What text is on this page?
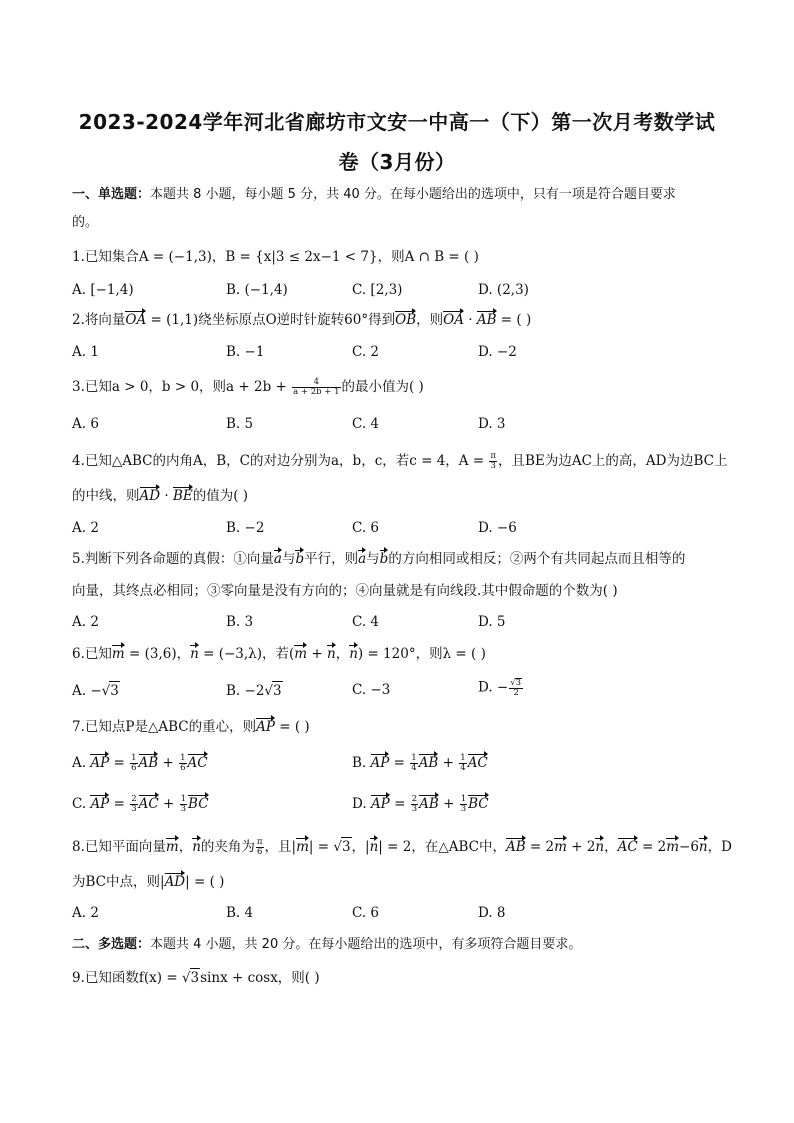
2023-2024学年河北省廊坊市文安一中高一（下）第一次月考数学试
卷（3月份）
一、单选题：本题共 8 小题，每小题 5 分，共 40 分。在每小题给出的选项中，只有一项是符合题目要求
的。
1.已知集合A = (−1,3)，B = {x|3 ≤ 2x−1 < 7}，则A ∩ B = ( )
A. [−1,4)	B. (−1,4)	C. [2,3)	D. (2,3)
2.将向量OA = (1,1)绕坐标原点O逆时针旋转60°得到OB，则OA · AB = ( )
A. 1	B. −1	C. 2	D. −2
3.已知a > 0，b > 0，则$a + 2b + \frac{4}{a + 2b + 1}$ 的最小值为( )
A. 6	B. 5	C. 4	D. 3
4.已知△ABC的内角A，B，C的对边分别为a，b，c，若c = 4，$A = \frac{\pi}{3}$ ，且BE为边AC上的高，AD为边BC上
的中线，则AD · BE的值为( )
A. 2	B. −2	C. 6	D. −6
5.判断下列各命题的真假：①向量a与b平行，则a与b的方向相同或相反；②两个有共同起点而且相等的
向量，其终点必相同；③零向量是没有方向的；④向量就是有向线段.其中假命题的个数为( )
A. 2	B. 3	C. 4	D. 5
6.已知m = (3,6)，n = (−3,λ)，若(m + n，n) = 120°，则λ = ( )
A. −√3	B. −2√3	C. −3	D. − $\frac{√3}{2}$
7.已知点P是△ABC的重心，则AP = ( )
A. AP = $\frac{1}{6}$ AB + $\frac{1}{6}$ AC	B. AP = $\frac{1}{4}$ AB + $\frac{1}{4}$ AC
C. AP = $\frac{2}{3}$ AC + $\frac{1}{3}$ BC	D. AP = $\frac{2}{3}$ AB + $\frac{1}{3}$ BC
8.已知平面向量m，n的夹角为 $\frac{\pi}{6}$ ，且|m| = √3，|n| = 2，在△ABC中，AB = 2m + 2n，AC = 2m−6n，D
为BC中点，则|AD| = ( )
A. 2	B. 4	C. 6	D. 8
二、多选题：本题共 4 小题，共 20 分。在每小题给出的选项中，有多项符合题目要求。
9.已知函数f(x) = √3sinx + cosx，则( )
